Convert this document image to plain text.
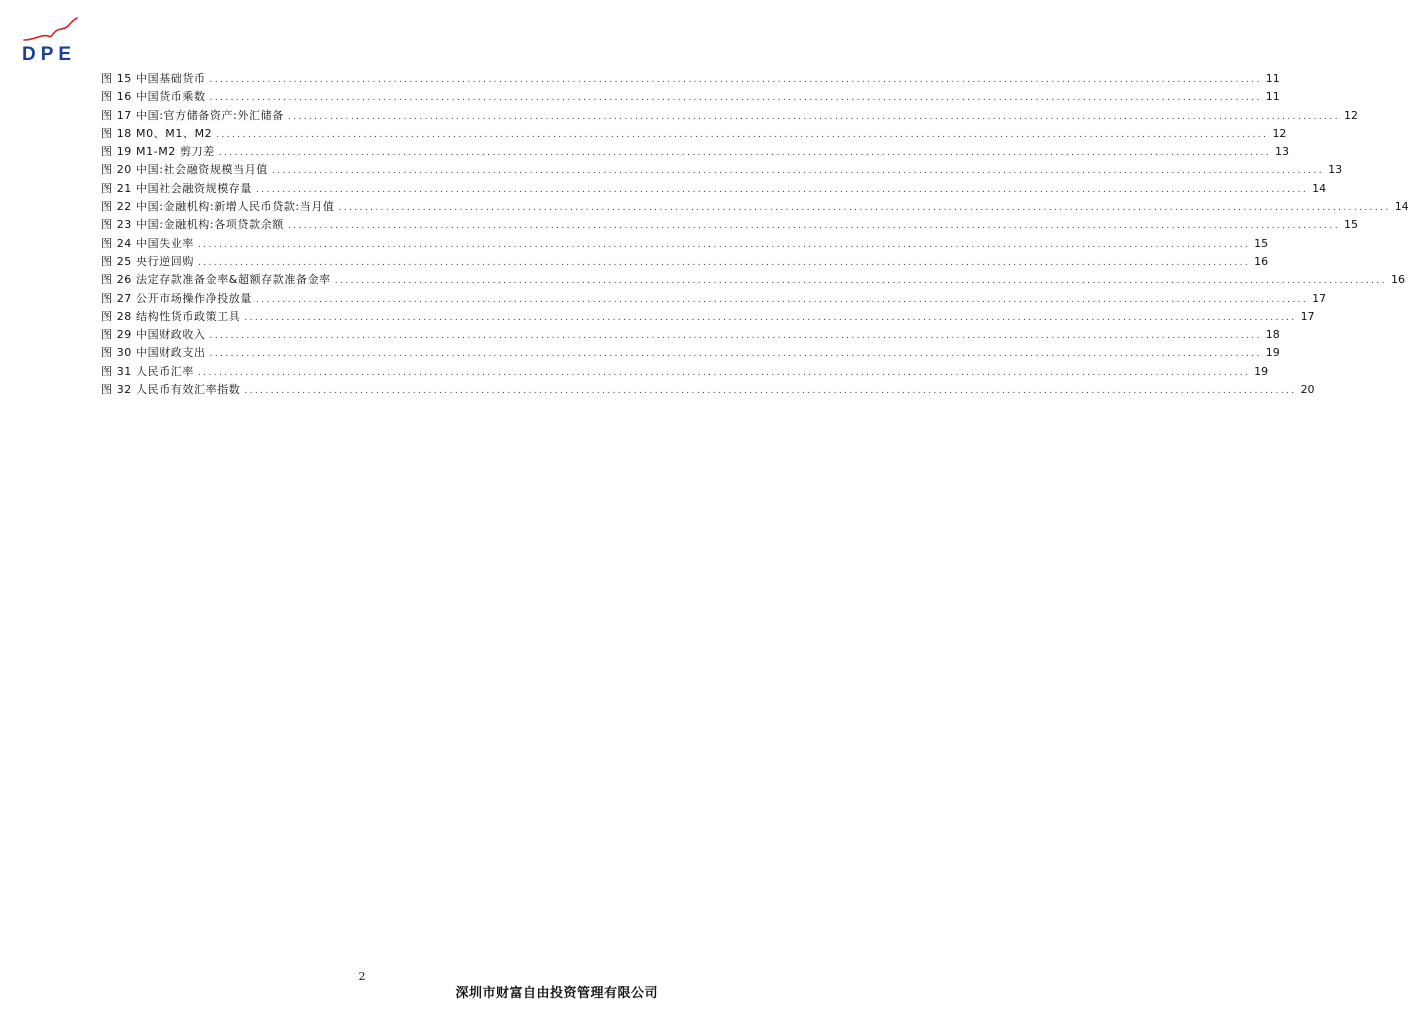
DPE
图 15 中国基础货币 ........................................................................................................................................................................................................ 11
图 16 中国货币乘数 ........................................................................................................................................................................................................ 11
图 17 中国:官方储备资产:外汇储备 ........................................................................................................................................................................................................ 12
图 18 M0、M1、M2 ........................................................................................................................................................................................................ 12
图 19 M1-M2 剪刀差 ........................................................................................................................................................................................................ 13
图 20 中国:社会融资规模当月值 ........................................................................................................................................................................................................ 13
图 21 中国社会融资规模存量 ........................................................................................................................................................................................................ 14
图 22 中国:金融机构:新增人民币贷款:当月值 ........................................................................................................................................................................................................ 14
图 23 中国:金融机构:各项贷款余额 ........................................................................................................................................................................................................ 15
图 24 中国失业率 ........................................................................................................................................................................................................ 15
图 25 央行逆回购 ........................................................................................................................................................................................................ 16
图 26 法定存款准备金率&超额存款准备金率 ........................................................................................................................................................................................................ 16
图 27 公开市场操作净投放量 ........................................................................................................................................................................................................ 17
图 28 结构性货币政策工具 ........................................................................................................................................................................................................ 17
图 29 中国财政收入 ........................................................................................................................................................................................................ 18
图 30 中国财政支出 ........................................................................................................................................................................................................ 19
图 31 人民币汇率 ........................................................................................................................................................................................................ 19
图 32 人民币有效汇率指数 ........................................................................................................................................................................................................ 20
2
深圳市财富自由投资管理有限公司
